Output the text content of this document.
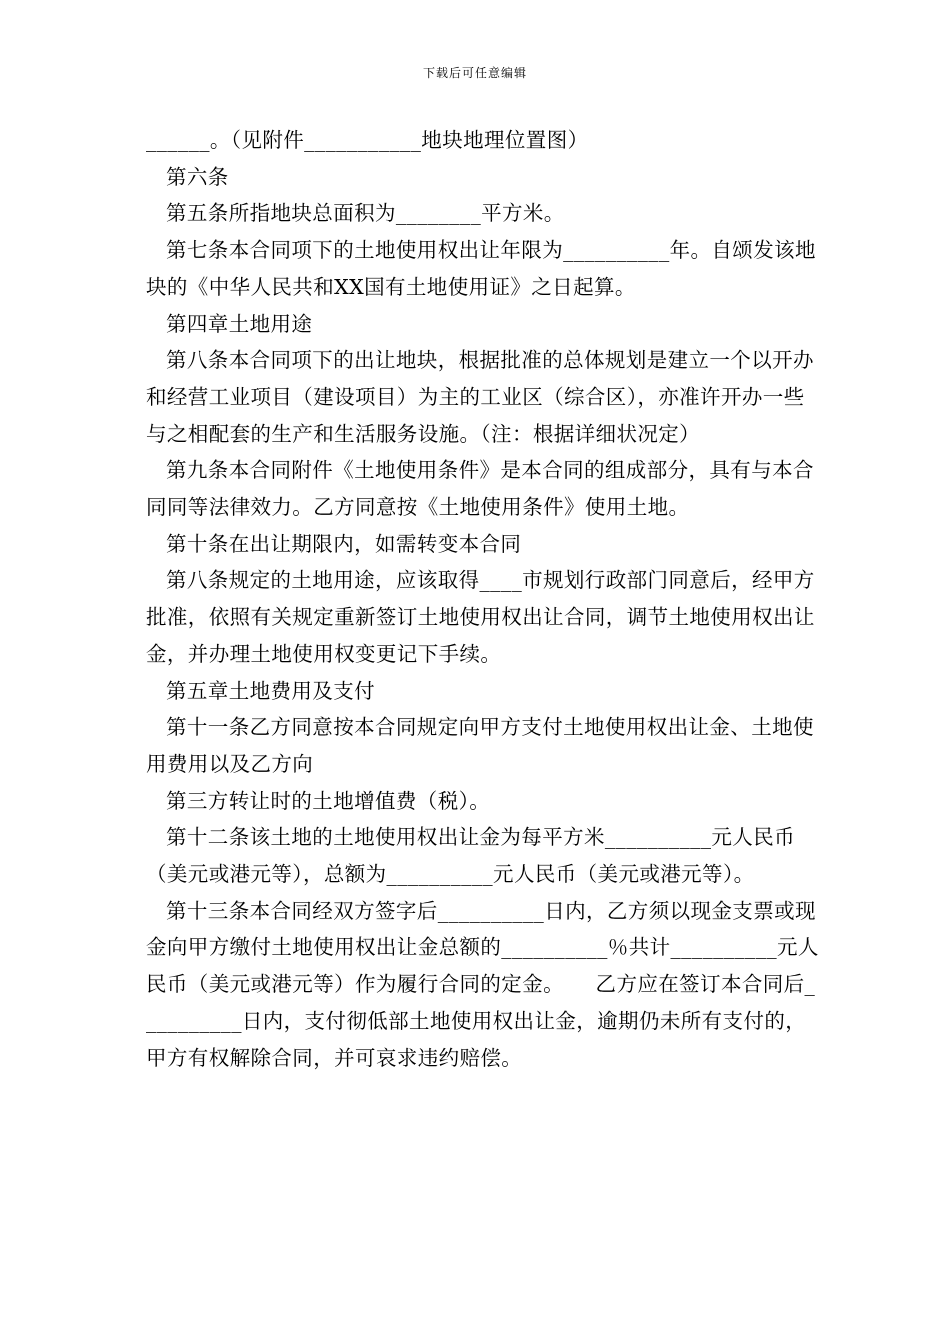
下载后可任意编辑

______。（见附件___________地块地理位置图）

第六条

第五条所指地块总面积为________平方米。

第七条本合同项下的土地使用权出让年限为__________年。自颂发该地块的《中华人民共和XX国有土地使用证》之日起算。

第四章土地用途

第八条本合同项下的出让地块，根据批准的总体规划是建立一个以开办和经营工业项目（建设项目）为主的工业区（综合区），亦准许开办一些与之相配套的生产和生活服务设施。（注：根据详细状况定）

第九条本合同附件《土地使用条件》是本合同的组成部分，具有与本合同同等法律效力。乙方同意按《土地使用条件》使用土地。

第十条在出让期限内，如需转变本合同

第八条规定的土地用途，应该取得____市规划行政部门同意后，经甲方批准，依照有关规定重新签订土地使用权出让合同，调节土地使用权出让金，并办理土地使用权变更记下手续。

第五章土地费用及支付

第十一条乙方同意按本合同规定向甲方支付土地使用权出让金、土地使用费用以及乙方向

第三方转让时的土地增值费（税）。

第十二条该土地的土地使用权出让金为每平方米__________元人民币（美元或港元等），总额为__________元人民币（美元或港元等）。

第十三条本合同经双方签字后__________日内，乙方须以现金支票或现金向甲方缴付土地使用权出让金总额的__________％共计__________元人民币（美元或港元等）作为履行合同的定金。　　乙方应在签订本合同后__________日内，支付彻低部土地使用权出让金，逾期仍未所有支付的，甲方有权解除合同，并可哀求违约赔偿。
